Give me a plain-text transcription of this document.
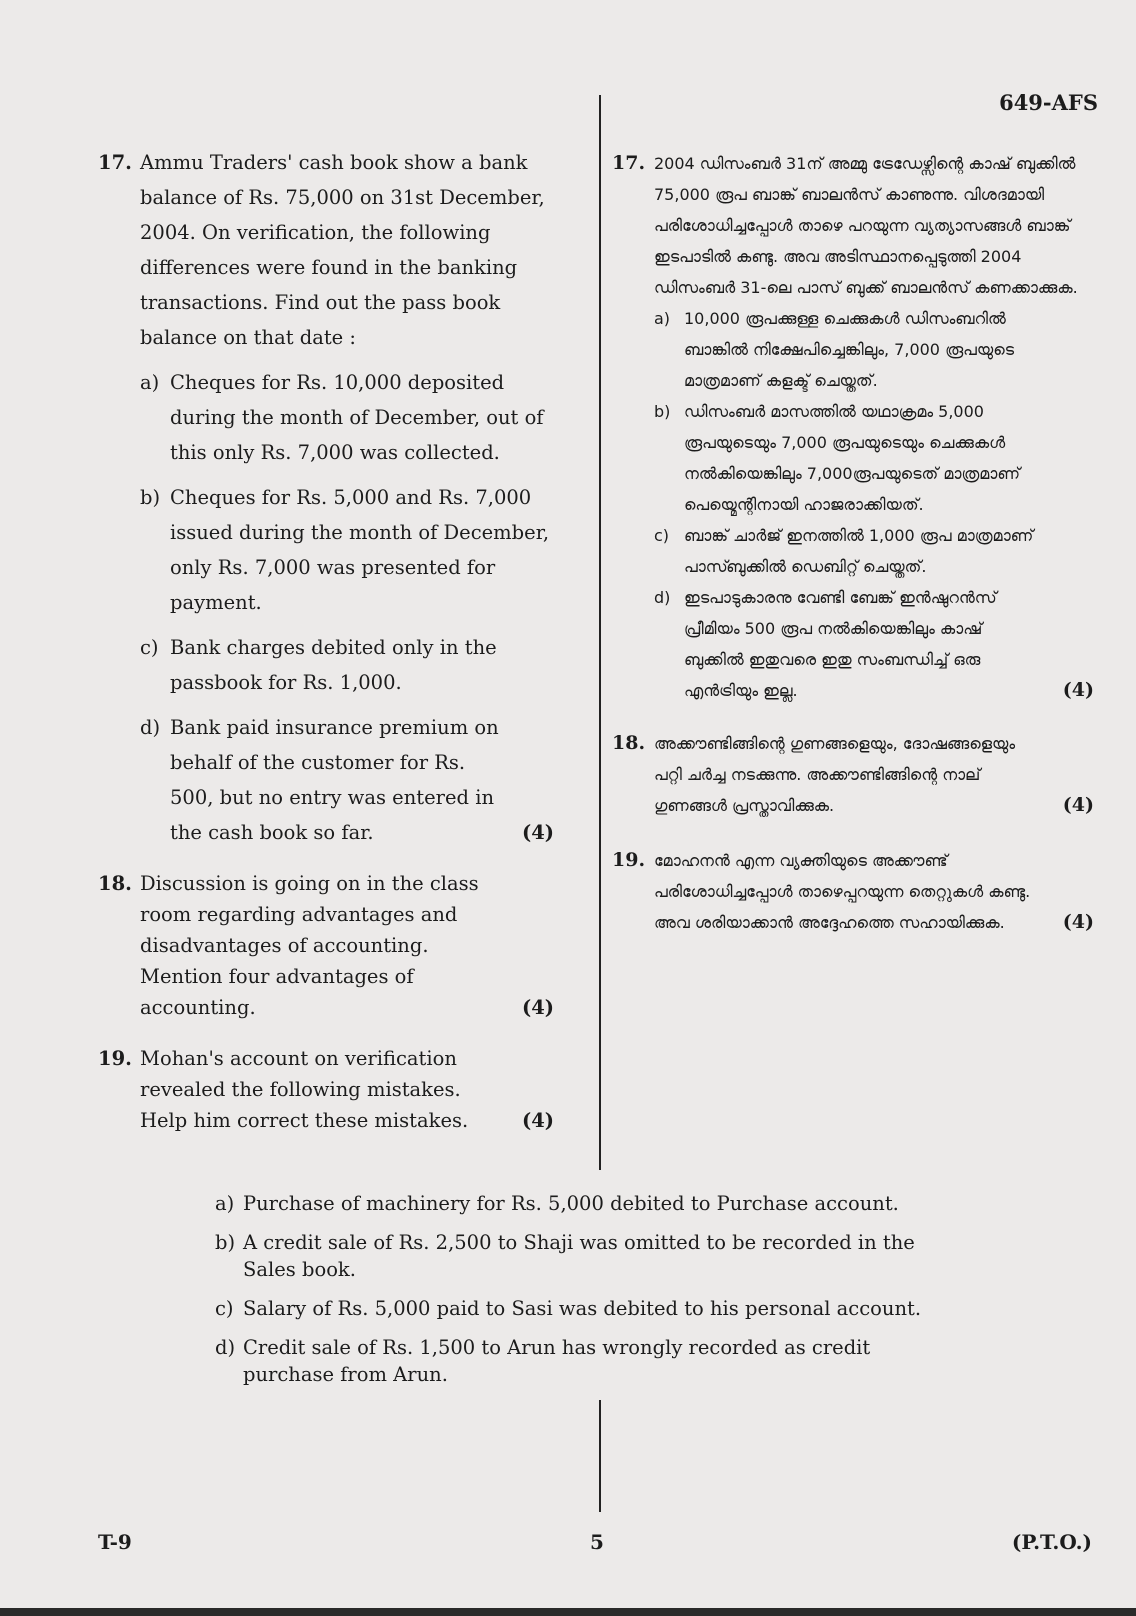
649-AFS
17. Ammu Traders' cash book show a bank balance of Rs. 75,000 on 31st December, 2004. On verification, the following differences were found in the banking transactions. Find out the pass book balance on that date :
a) Cheques for Rs. 10,000 deposited during the month of December, out of this only Rs. 7,000 was collected.
b) Cheques for Rs. 5,000 and Rs. 7,000 issued during the month of December, only Rs. 7,000 was presented for payment.
c) Bank charges debited only in the passbook for Rs. 1,000.
d) Bank paid insurance premium on behalf of the customer for Rs. 500, but no entry was entered in the cash book so far.	(4)
18. Discussion is going on in the class room regarding advantages and disadvantages of accounting. Mention four advantages of accounting.	(4)
19. Mohan's account on verification revealed the following mistakes. Help him correct these mistakes.	(4)
17. 2004 ഡിസംബർ 31ന് അമ്മു ട്രേഡേഴ്സിന്റെ കാഷ് ബുക്കിൽ 75,000 രൂപ ബാങ്ക് ബാലൻസ് കാണുന്നു. വിശദമായി പരിശോധിച്ചപ്പോൾ താഴെ പറയുന്ന വ്യത്യാസങ്ങൾ ബാങ്ക് ഇടപാടിൽ കണ്ടു. അവ അടിസ്ഥാനപ്പെടുത്തി 2004 ഡിസംബർ 31-ലെ പാസ് ബുക്ക് ബാലൻസ് കണക്കാക്കുക.
a) 10,000 രൂപക്കുള്ള ചെക്കുകൾ ഡിസംബറിൽ ബാങ്കിൽ നിക്ഷേപിച്ചെങ്കിലും, 7,000 രൂപയുടെ മാത്രമാണ് കളക്ട് ചെയ്തത്.
b) ഡിസംബർ മാസത്തിൽ യഥാക്രമം 5,000 രൂപയുടെയും 7,000 രൂപയുടെയും ചെക്കുകൾ നൽകിയെങ്കിലും 7,000രൂപയുടെത് മാത്രമാണ് പെയ്മെന്റിനായി ഹാജരാക്കിയത്.
c) ബാങ്ക് ചാർജ് ഇനത്തിൽ 1,000 രൂപ മാത്രമാണ് പാസ്ബുക്കിൽ ഡെബിറ്റ് ചെയ്തത്.
d) ഇടപാടുകാരനു വേണ്ടി ബേങ്ക് ഇൻഷുറൻസ് പ്രീമിയം 500 രൂപ നൽകിയെങ്കിലും കാഷ് ബുക്കിൽ ഇതുവരെ ഇതു സംബന്ധിച്ച് ഒരു എൻട്രിയും ഇല്ല.	(4)
18. അക്കൗണ്ടിങ്ങിന്റെ ഗുണങ്ങളെയും, ദോഷങ്ങളെയും പറ്റി ചർച്ച നടക്കുന്നു. അക്കൗണ്ടിങ്ങിന്റെ നാല് ഗുണങ്ങൾ പ്രസ്താവിക്കുക.	(4)
19. മോഹനൻ എന്ന വ്യക്തിയുടെ അക്കൗണ്ട് പരിശോധിച്ചപ്പോൾ താഴെപ്പറയുന്ന തെറ്റുകൾ കണ്ടു. അവ ശരിയാക്കാൻ അദ്ദേഹത്തെ സഹായിക്കുക.	(4)
a) Purchase of machinery for Rs. 5,000 debited to Purchase account.
b) A credit sale of Rs. 2,500 to Shaji was omitted to be recorded in the Sales book.
c) Salary of Rs. 5,000 paid to Sasi was debited to his personal account.
d) Credit sale of Rs. 1,500 to Arun has wrongly recorded as credit purchase from Arun.
T-9	5	(P.T.O.)
